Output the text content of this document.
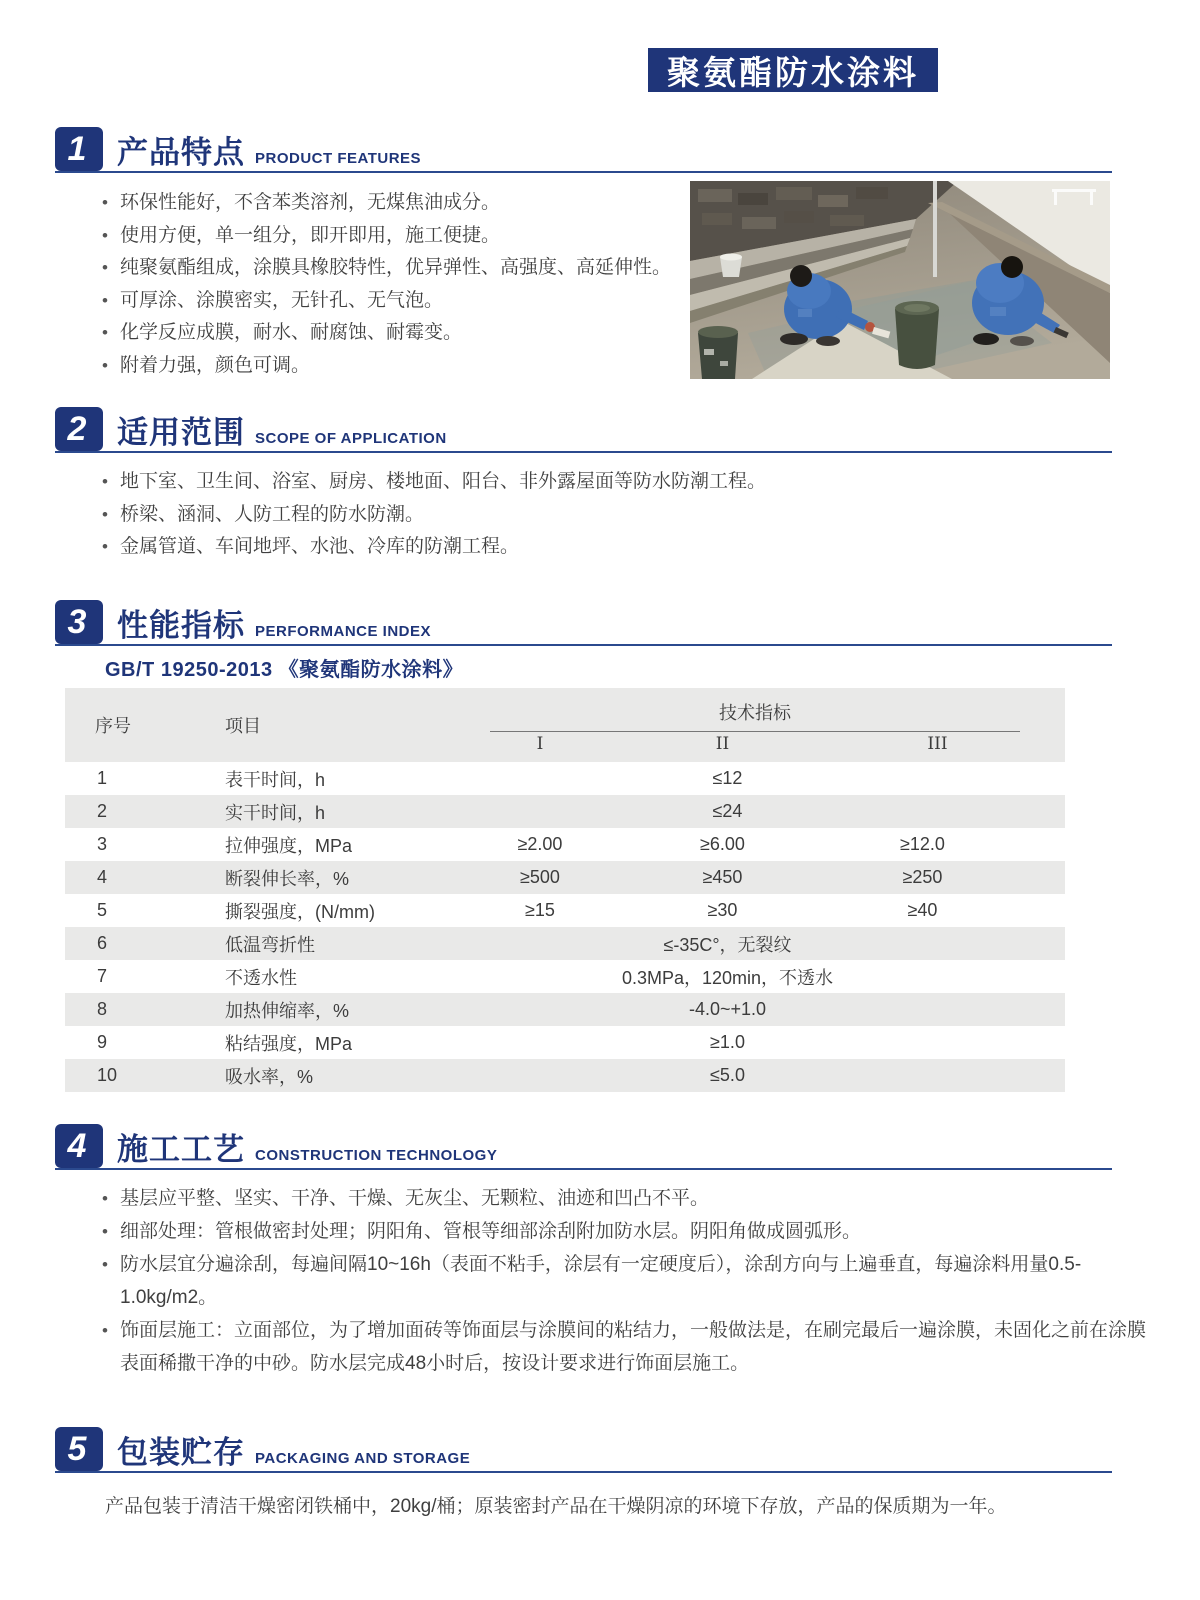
聚氨酯防水涂料
1 产品特点 PRODUCT FEATURES
• 环保性能好，不含苯类溶剂，无煤焦油成分。
• 使用方便，单一组分，即开即用，施工便捷。
• 纯聚氨酯组成，涂膜具橡胶特性，优异弹性、高强度、高延伸性。
• 可厚涂、涂膜密实，无针孔、无气泡。
• 化学反应成膜，耐水、耐腐蚀、耐霉变。
• 附着力强，颜色可调。
2 适用范围 SCOPE OF APPLICATION
• 地下室、卫生间、浴室、厨房、楼地面、阳台、非外露屋面等防水防潮工程。
• 桥梁、涵洞、人防工程的防水防潮。
• 金属管道、车间地坪、水池、冷库的防潮工程。
3 性能指标 PERFORMANCE INDEX
GB/T 19250-2013 《聚氨酯防水涂料》
序号	项目	技术指标		

		I	II	III
1	表干时间，h	≤12		
2	实干时间，h	≤24		
3	拉伸强度，MPa	≥2.00	≥6.00	≥12.0
4	断裂伸长率，%	≥500	≥450	≥250
5	撕裂强度，(N/mm)	≥15	≥30	≥40
6	低温弯折性	≤-35C°，无裂纹		
7	不透水性	0.3MPa，120min，不透水		
8	加热伸缩率，%	-4.0~+1.0		
9	粘结强度，MPa	≥1.0		
10	吸水率，%	≤5.0		
4 施工工艺 CONSTRUCTION TECHNOLOGY
• 基层应平整、坚实、干净、干燥、无灰尘、无颗粒、油迹和凹凸不平。
• 细部处理：管根做密封处理；阴阳角、管根等细部涂刮附加防水层。阴阳角做成圆弧形。
• 防水层宜分遍涂刮，每遍间隔10~16h（表面不粘手，涂层有一定硬度后），涂刮方向与上遍垂直，每遍涂料用量0.5-1.0kg/m2。
• 饰面层施工：立面部位，为了增加面砖等饰面层与涂膜间的粘结力，一般做法是，在刷完最后一遍涂膜，未固化之前在涂膜表面稀撒干净的中砂。防水层完成48小时后，按设计要求进行饰面层施工。
5 包装贮存 PACKAGING AND STORAGE

产品包装于清洁干燥密闭铁桶中，20kg/桶；原装密封产品在干燥阴凉的环境下存放，产品的保质期为一年。
